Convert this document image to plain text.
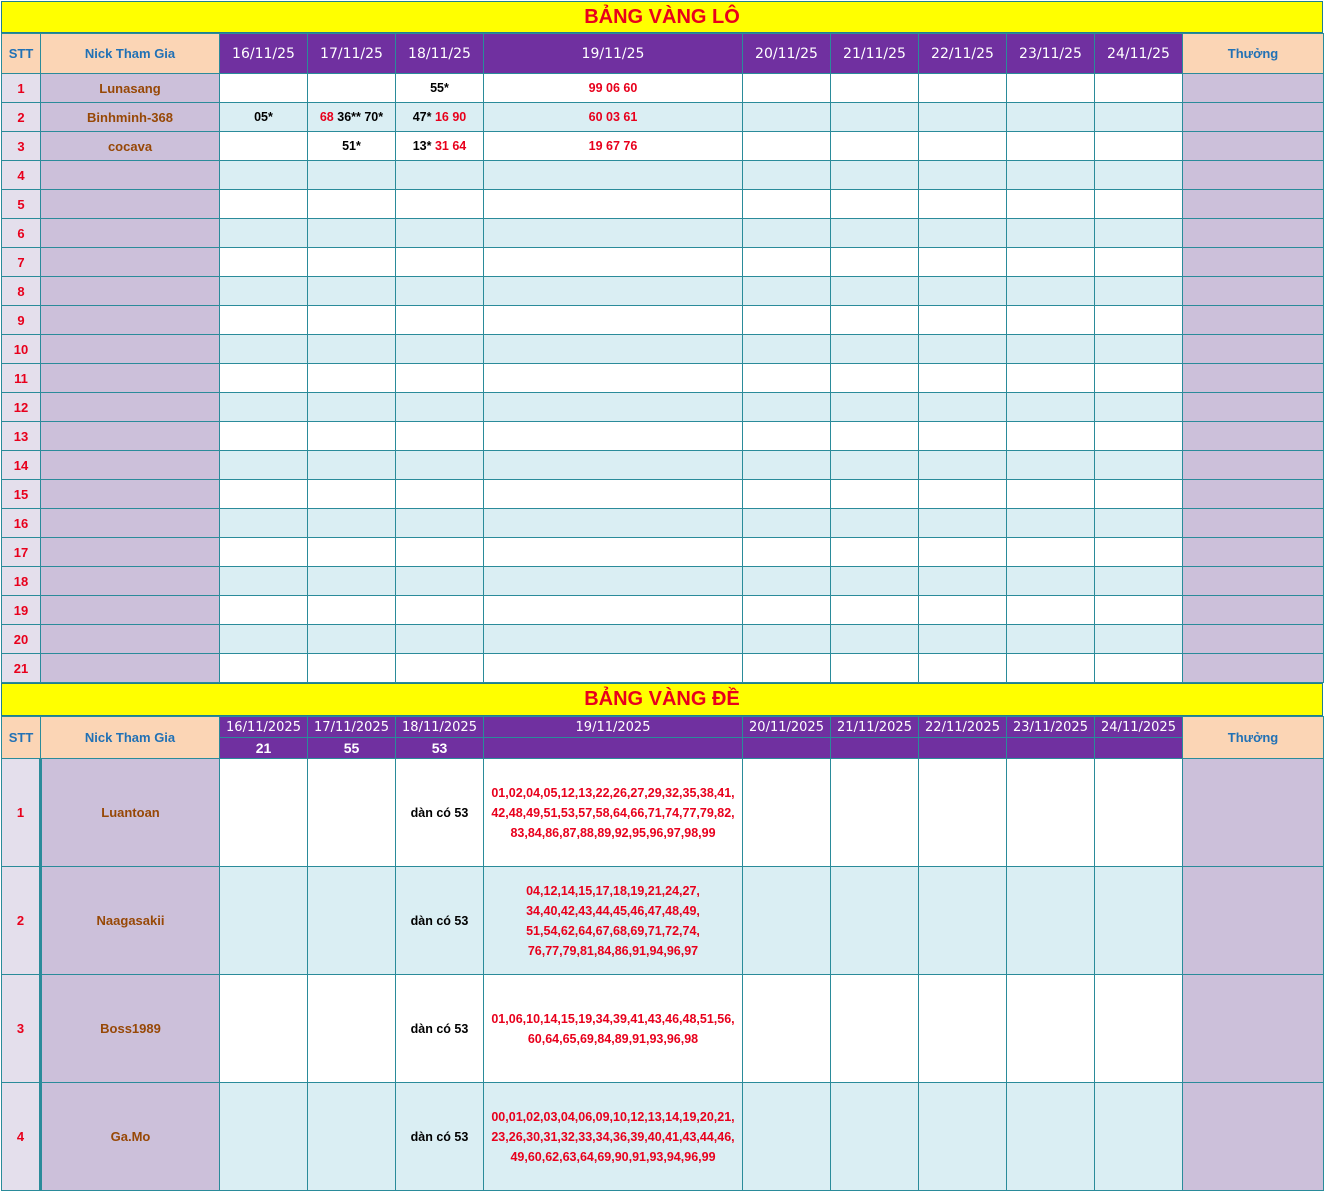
BẢNG VÀNG LÔ
STT	Nick Tham Gia	16/11/25	17/11/25	18/11/25	19/11/25	20/11/25	21/11/25	22/11/25	23/11/25	24/11/25	Thưởng
1	Lunasang			55*	99 06 60						
2	Binhminh-368	05*	68 36** 70*	47* 16 90	60 03 61						
3	cocava		51*	13* 31 64	19 67 76						
4											
5											
6											
7											
8											
9											
10											
11											
12											
13											
14											
15											
16											
17											
18											
19											
20											
21											
BẢNG VÀNG ĐỀ
STT	Nick Tham Gia	16/11/2025	17/11/2025	18/11/2025	19/11/2025	20/11/2025	21/11/2025	22/11/2025	23/11/2025	24/11/2025	Thưởng
		21	55	53							
1	Luantoan			dàn có 53	01,02,04,05,12,13,22,26,27,29,32,35,38,41,
42,48,49,51,53,57,58,64,66,71,74,77,79,82,
83,84,86,87,88,89,92,95,96,97,98,99						

2	Naagasakii			dàn có 53	04,12,14,15,17,18,19,21,24,27,
34,40,42,43,44,45,46,47,48,49,
51,54,62,64,67,68,69,71,72,74,
76,77,79,81,84,86,91,94,96,97						

3	Boss1989			dàn có 53	01,06,10,14,15,19,34,39,41,43,46,48,51,56,
60,64,65,69,84,89,91,93,96,98						

4	Ga.Mo			dàn có 53	00,01,02,03,04,06,09,10,12,13,14,19,20,21,
23,26,30,31,32,33,34,36,39,40,41,43,44,46,
49,60,62,63,64,69,90,91,93,94,96,99						
